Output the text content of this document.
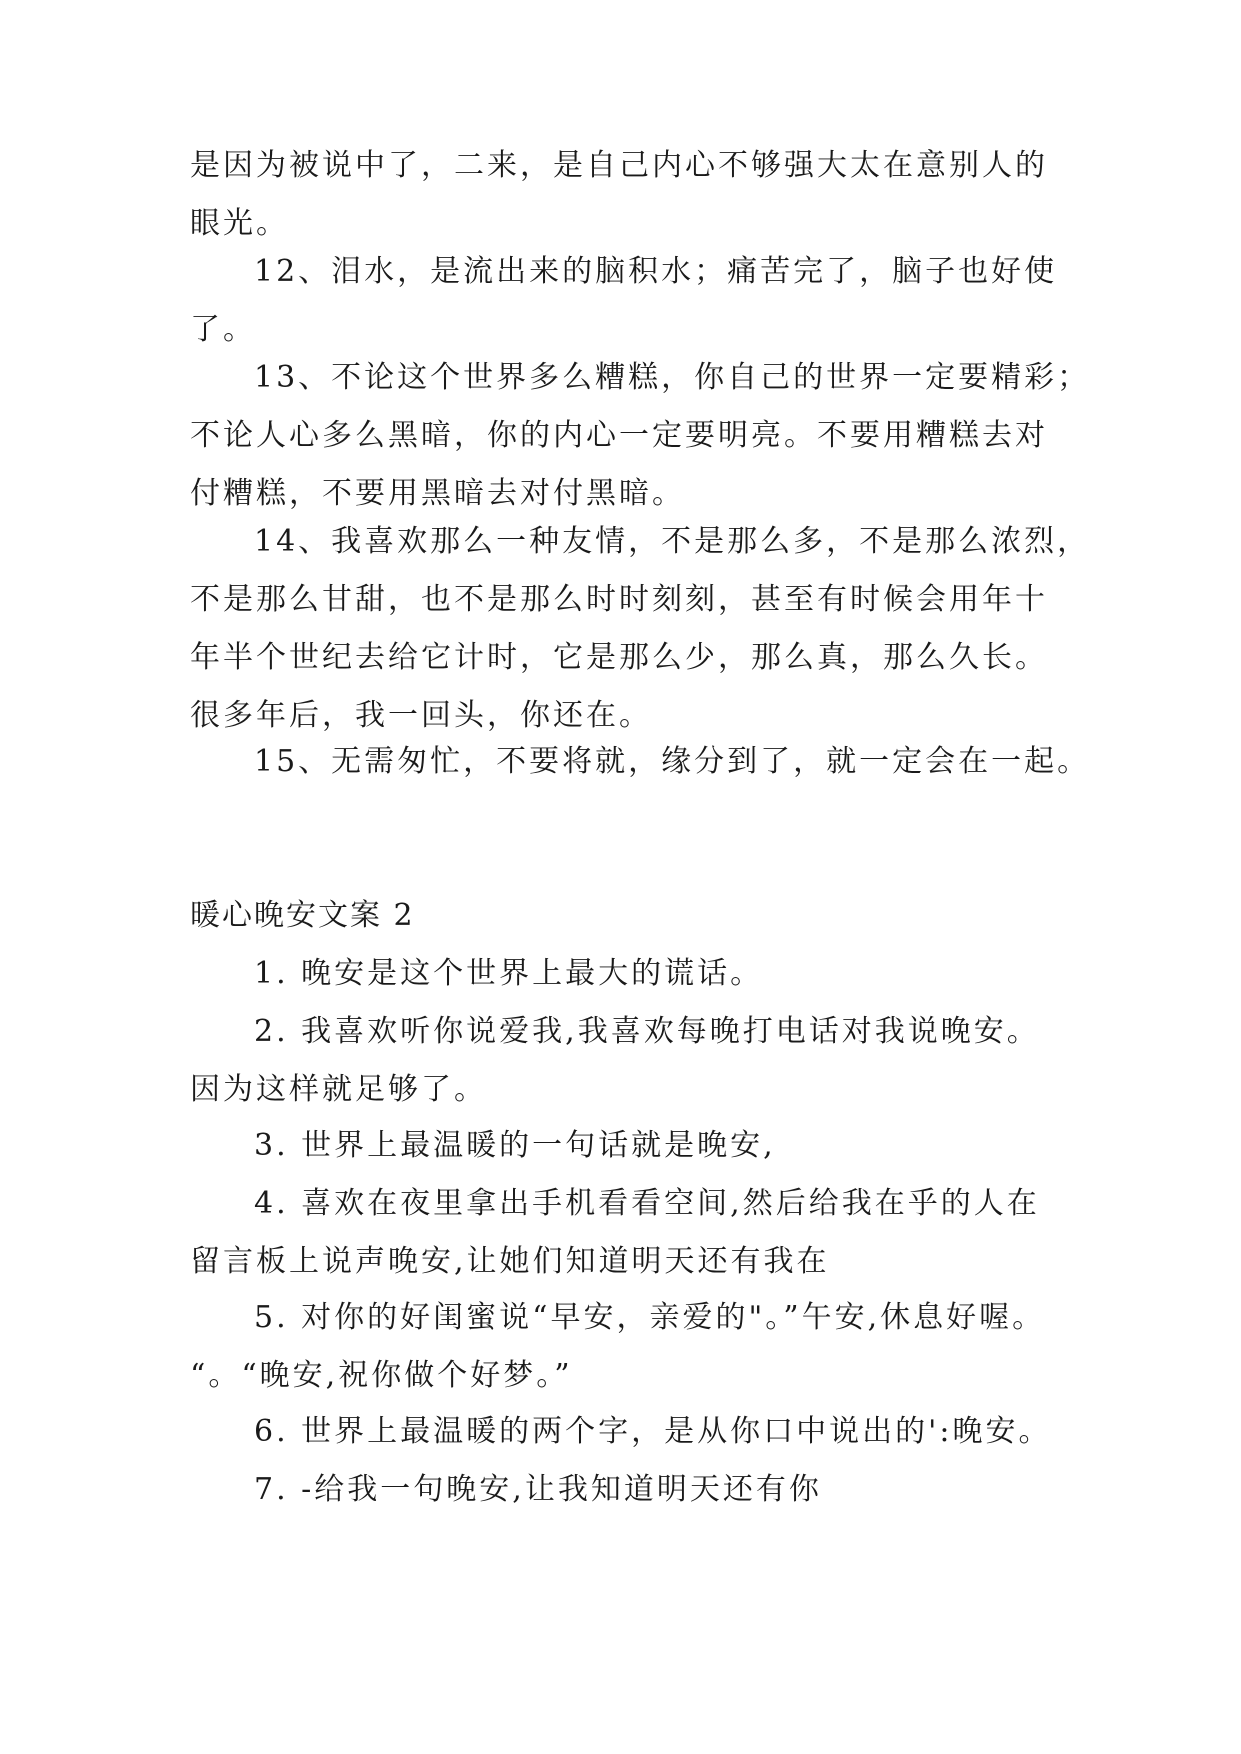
是因为被说中了，二来，是自己内心不够强大太在意别人的
眼光。
12、泪水，是流出来的脑积水；痛苦完了，脑子也好使
了。
13、不论这个世界多么糟糕，你自己的世界一定要精彩；
不论人心多么黑暗，你的内心一定要明亮。不要用糟糕去对
付糟糕，不要用黑暗去对付黑暗。
14、我喜欢那么一种友情，不是那么多，不是那么浓烈，
不是那么甘甜，也不是那么时时刻刻，甚至有时候会用年十
年半个世纪去给它计时，它是那么少，那么真，那么久长。
很多年后，我一回头，你还在。
15、无需匆忙，不要将就，缘分到了，就一定会在一起。
暖心晚安文案 2
1. 晚安是这个世界上最大的谎话。
2. 我喜欢听你说爱我,我喜欢每晚打电话对我说晚安。
因为这样就足够了。
3. 世界上最温暖的一句话就是晚安,
4. 喜欢在夜里拿出手机看看空间,然后给我在乎的人在
留言板上说声晚安,让她们知道明天还有我在
5. 对你的好闺蜜说“早安，亲爱的"。”午安,休息好喔。
“。“晚安,祝你做个好梦。”
6. 世界上最温暖的两个字，是从你口中说出的':晚安。
7. -给我一句晚安,让我知道明天还有你
